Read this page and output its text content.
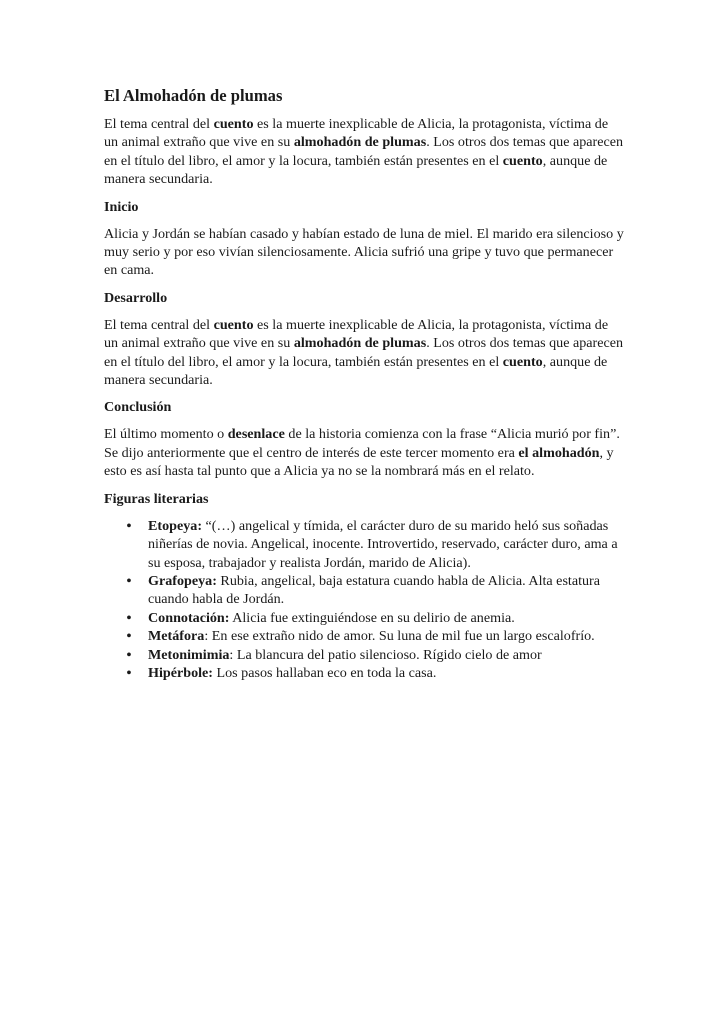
El Almohadón de plumas

El tema central del cuento es la muerte inexplicable de Alicia, la protagonista, víctima de un animal extraño que vive en su almohadón de plumas. Los otros dos temas que aparecen en el título del libro, el amor y la locura, también están presentes en el cuento, aunque de manera secundaria.

Inicio

Alicia y Jordán se habían casado y habían estado de luna de miel. El marido era silencioso y muy serio y por eso vivían silenciosamente. Alicia sufrió una gripe y tuvo que permanecer en cama.

Desarrollo

El tema central del cuento es la muerte inexplicable de Alicia, la protagonista, víctima de un animal extraño que vive en su almohadón de plumas. Los otros dos temas que aparecen en el título del libro, el amor y la locura, también están presentes en el cuento, aunque de manera secundaria.

Conclusión

El último momento o desenlace de la historia comienza con la frase “Alicia murió por fin”. Se dijo anteriormente que el centro de interés de este tercer momento era el almohadón, y esto es así hasta tal punto que a Alicia ya no se la nombrará más en el relato.

Figuras literarias
•	Etopeya: “(…) angelical y tímida, el carácter duro de su marido heló sus soñadas niñerías de novia. Angelical, inocente. Introvertido, reservado, carácter duro, ama a su esposa, trabajador y realista Jordán, marido de Alicia).
•	Grafopeya: Rubia, angelical, baja estatura cuando habla de Alicia. Alta estatura cuando habla de Jordán.
•	Connotación: Alicia fue extinguiéndose en su delirio de anemia.
•	Metáfora: En ese extraño nido de amor. Su luna de mil fue un largo escalofrío.
•	Metonimimia: La blancura del patio silencioso. Rígido cielo de amor
•	Hipérbole: Los pasos hallaban eco en toda la casa.
